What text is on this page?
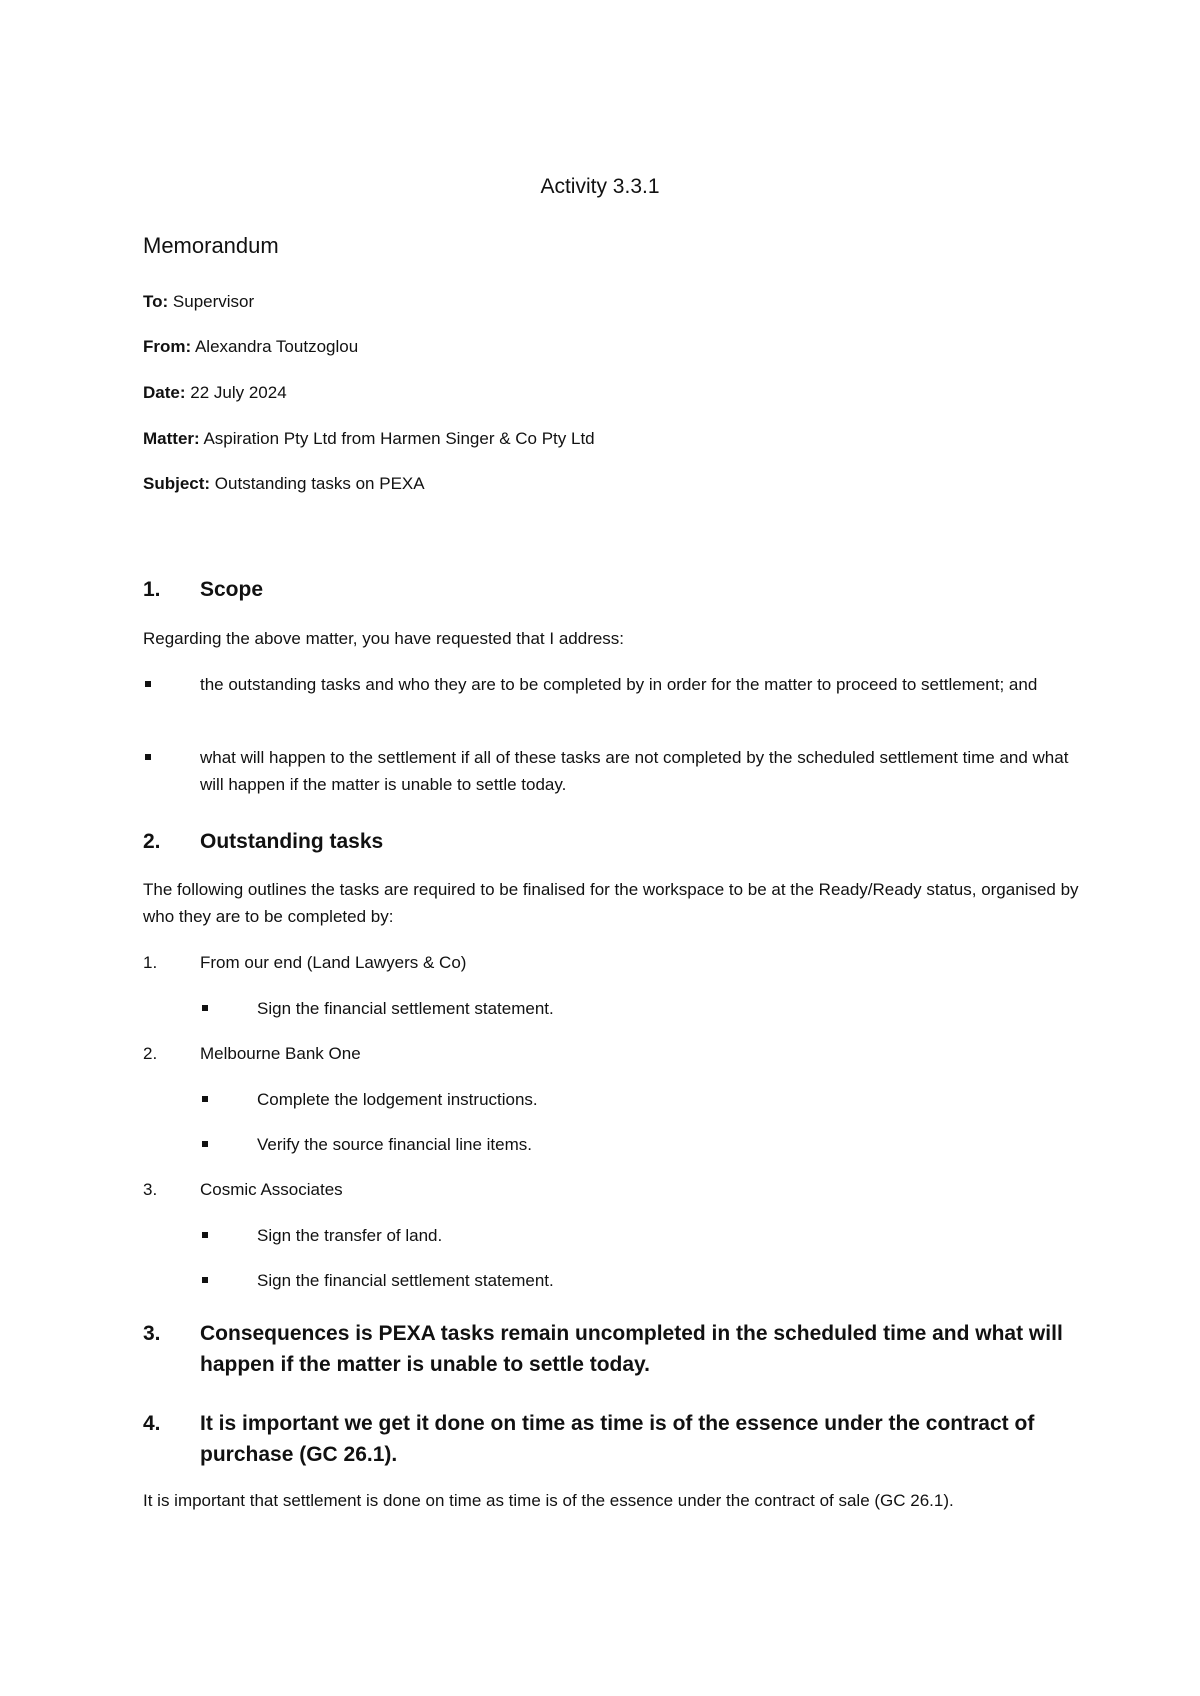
Activity 3.3.1
Memorandum
To: Supervisor
From: Alexandra Toutzoglou
Date: 22 July 2024
Matter: Aspiration Pty Ltd from Harmen Singer & Co Pty Ltd
Subject: Outstanding tasks on PEXA
1. Scope
Regarding the above matter, you have requested that I address:
the outstanding tasks and who they are to be completed by in order for the matter to proceed to settlement; and
what will happen to the settlement if all of these tasks are not completed by the scheduled settlement time and what will happen if the matter is unable to settle today.
2. Outstanding tasks
The following outlines the tasks are required to be finalised for the workspace to be at the Ready/Ready status, organised by who they are to be completed by:
1.	From our end (Land Lawyers & Co)
Sign the financial settlement statement.
2.	Melbourne Bank One
Complete the lodgement instructions.
Verify the source financial line items.
3.	Cosmic Associates
Sign the transfer of land.
Sign the financial settlement statement.
3. Consequences is PEXA tasks remain uncompleted in the scheduled time and what will happen if the matter is unable to settle today.
4. It is important we get it done on time as time is of the essence under the contract of purchase (GC 26.1).
It is important that settlement is done on time as time is of the essence under the contract of sale (GC 26.1).
